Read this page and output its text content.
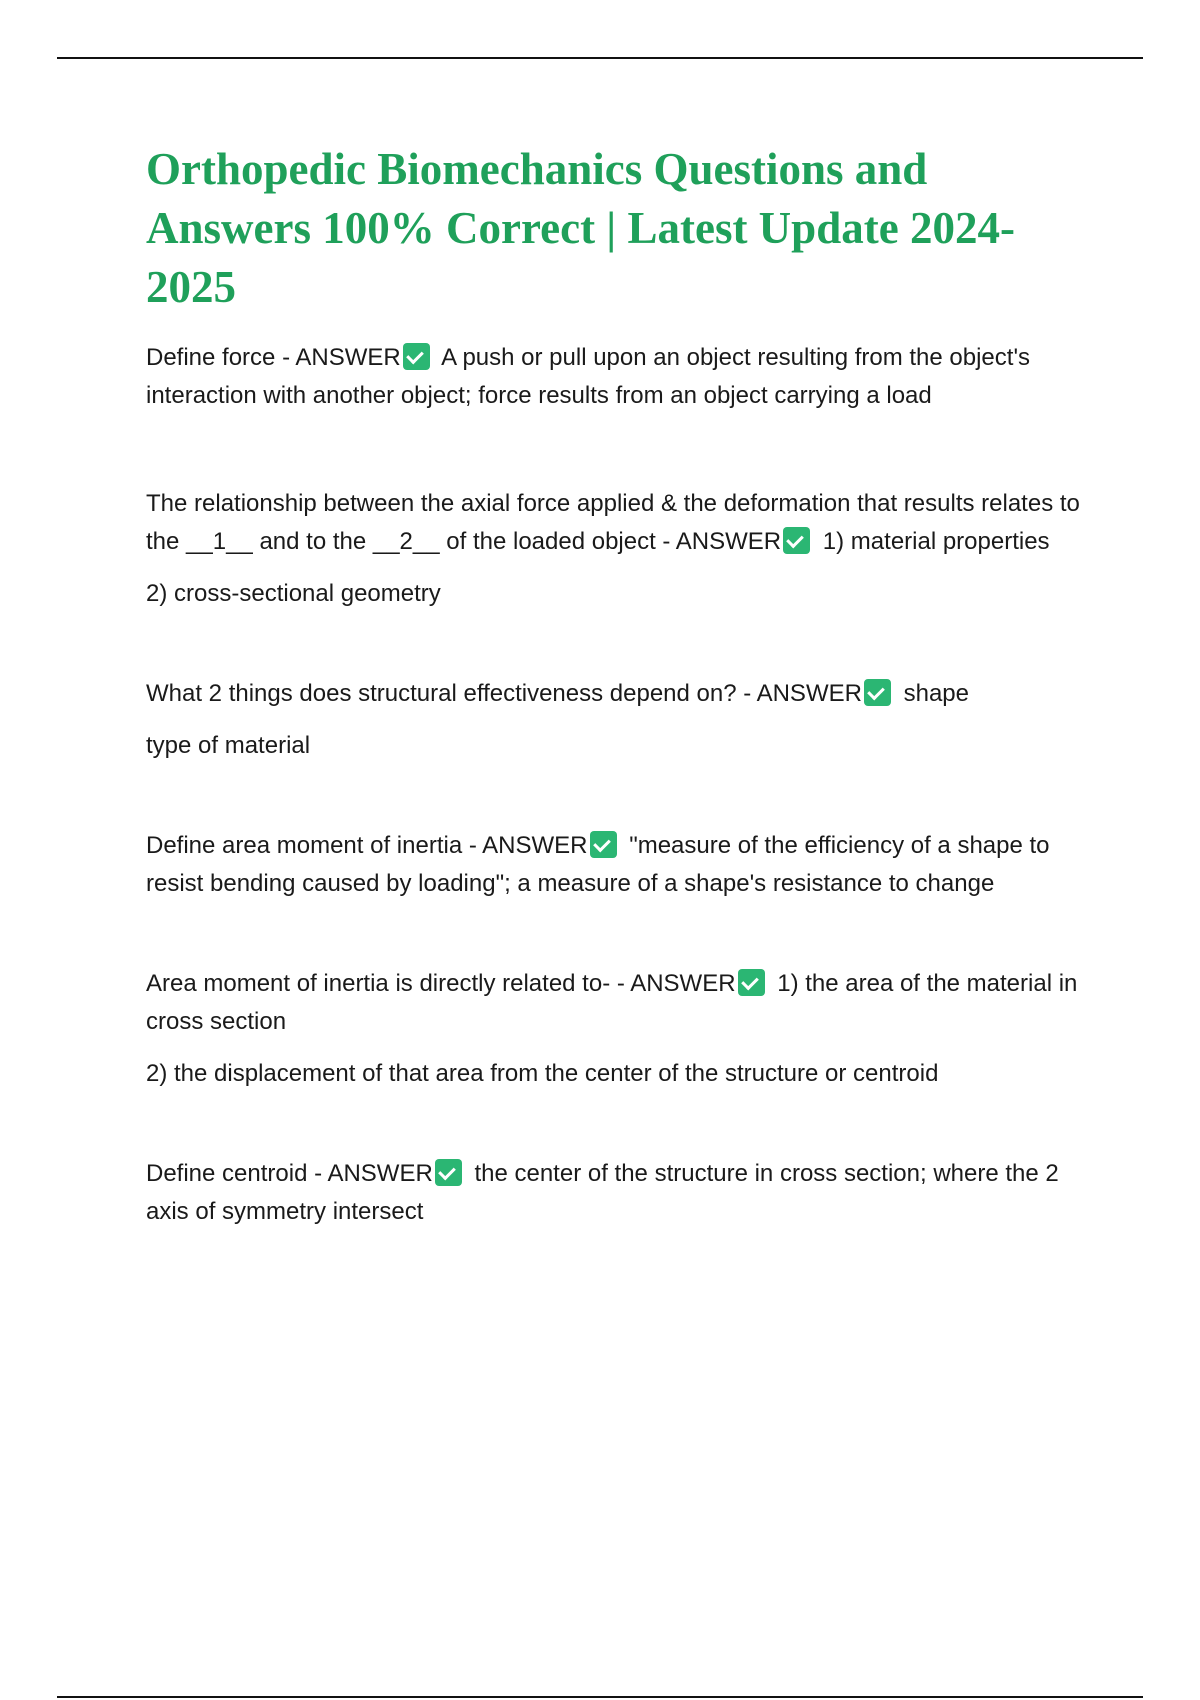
Orthopedic Biomechanics Questions and Answers 100% Correct | Latest Update 2024-2025

Define force - ANSWER A push or pull upon an object resulting from the object's interaction with another object; force results from an object carrying a load

The relationship between the axial force applied & the deformation that results relates to the __1__ and to the __2__ of the loaded object - ANSWER 1) material properties

2) cross-sectional geometry

What 2 things does structural effectiveness depend on? - ANSWER shape

type of material

Define area moment of inertia - ANSWER "measure of the efficiency of a shape to resist bending caused by loading"; a measure of a shape's resistance to change

Area moment of inertia is directly related to- - ANSWER 1) the area of the material in cross section

2) the displacement of that area from the center of the structure or centroid

Define centroid - ANSWER the center of the structure in cross section; where the 2 axis of symmetry intersect
